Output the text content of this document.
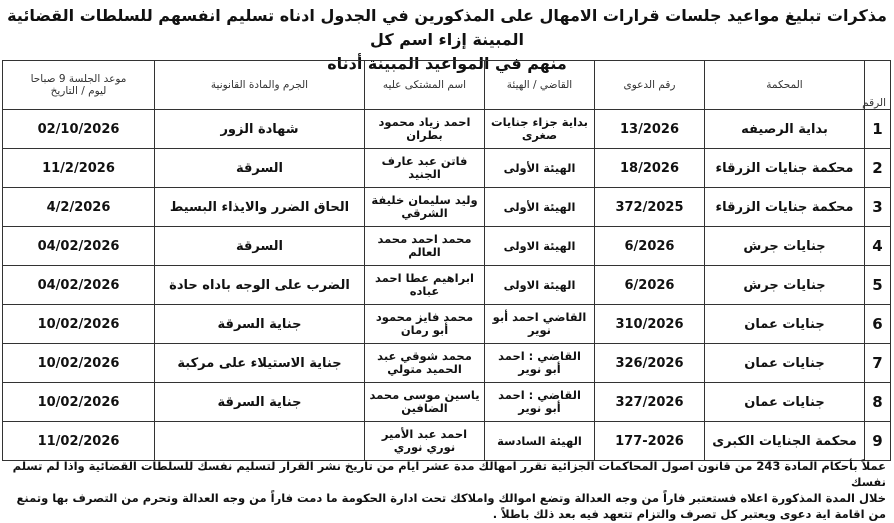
مذكرات تبليغ مواعيد جلسات قرارات الامهال على المذكورين في الجدول ادناه تسليم انفسهم للسلطات القضائية المبينة إزاء اسم كل
منهم في المواعيد المبينة أدناه
الرقم	المحكمة	رقم الدعوى	القاضي / الهيئة	اسم المشتكى عليه	الجرم والمادة القانونية	موعد الجلسة 9 صباحا
ليوم / التاريخ

1	بداية الرصيفه	13/2026	بداية جزاء جنايات صغرى	احمد زياد محمود بطران	شهادة الزور	02/10/2026
2	محكمة جنايات الزرقاء	18/2026	الهيئة الأولى	فاتن عبد عارف الجنيد	السرقة	11/2/2026
3	محكمة جنايات الزرقاء	372/2025	الهيئة الأولى	وليد سليمان خليفة الشرقي	الحاق الضرر والايذاء البسيط	4/2/2026
4	جنايات جرش	6/2026	الهيئة الاولى	محمد احمد محمد العالم	السرقة	04/02/2026
5	جنايات جرش	6/2026	الهيئة الاولى	ابراهيم عطا احمد عباده	الضرب على الوجه باداه حادة	04/02/2026
6	جنايات عمان	310/2026	القاضي احمد أبو نوير	محمد فايز محمود أبو رمان	جناية السرقة	10/02/2026
7	جنايات عمان	326/2026	القاضي : احمد أبو نوير	محمد شوقي عبد الحميد متولي	جناية الاستيلاء على مركبة	10/02/2026
8	جنايات عمان	327/2026	القاضي : احمد أبو نوير	ياسين موسى محمد الضافين	جناية السرقة	10/02/2026
9	محكمة الجنايات الكبرى	177-2026	الهيئة السادسة	احمد عبد الأمير نوري نوري		11/02/2026
عملاً بأحكام المادة 243 من قانون اصول المحاكمات الجزائية تقرر امهالك مدة عشر ايام من تاريخ نشر القرار لتسليم نفسك للسلطات القضائية واذا لم تسلم نفسك
خلال المدة المذكورة اعلاه فستعتبر فاراً من وجه العدالة وتضع اموالك واملاكك تحت ادارة الحكومة ما دمت فاراً من وجه العدالة وتحرم من التصرف بها وتمنع
من اقامة اية دعوى ويعتبر كل تصرف والتزام تتعهد فيه بعد ذلك باطلاً .
